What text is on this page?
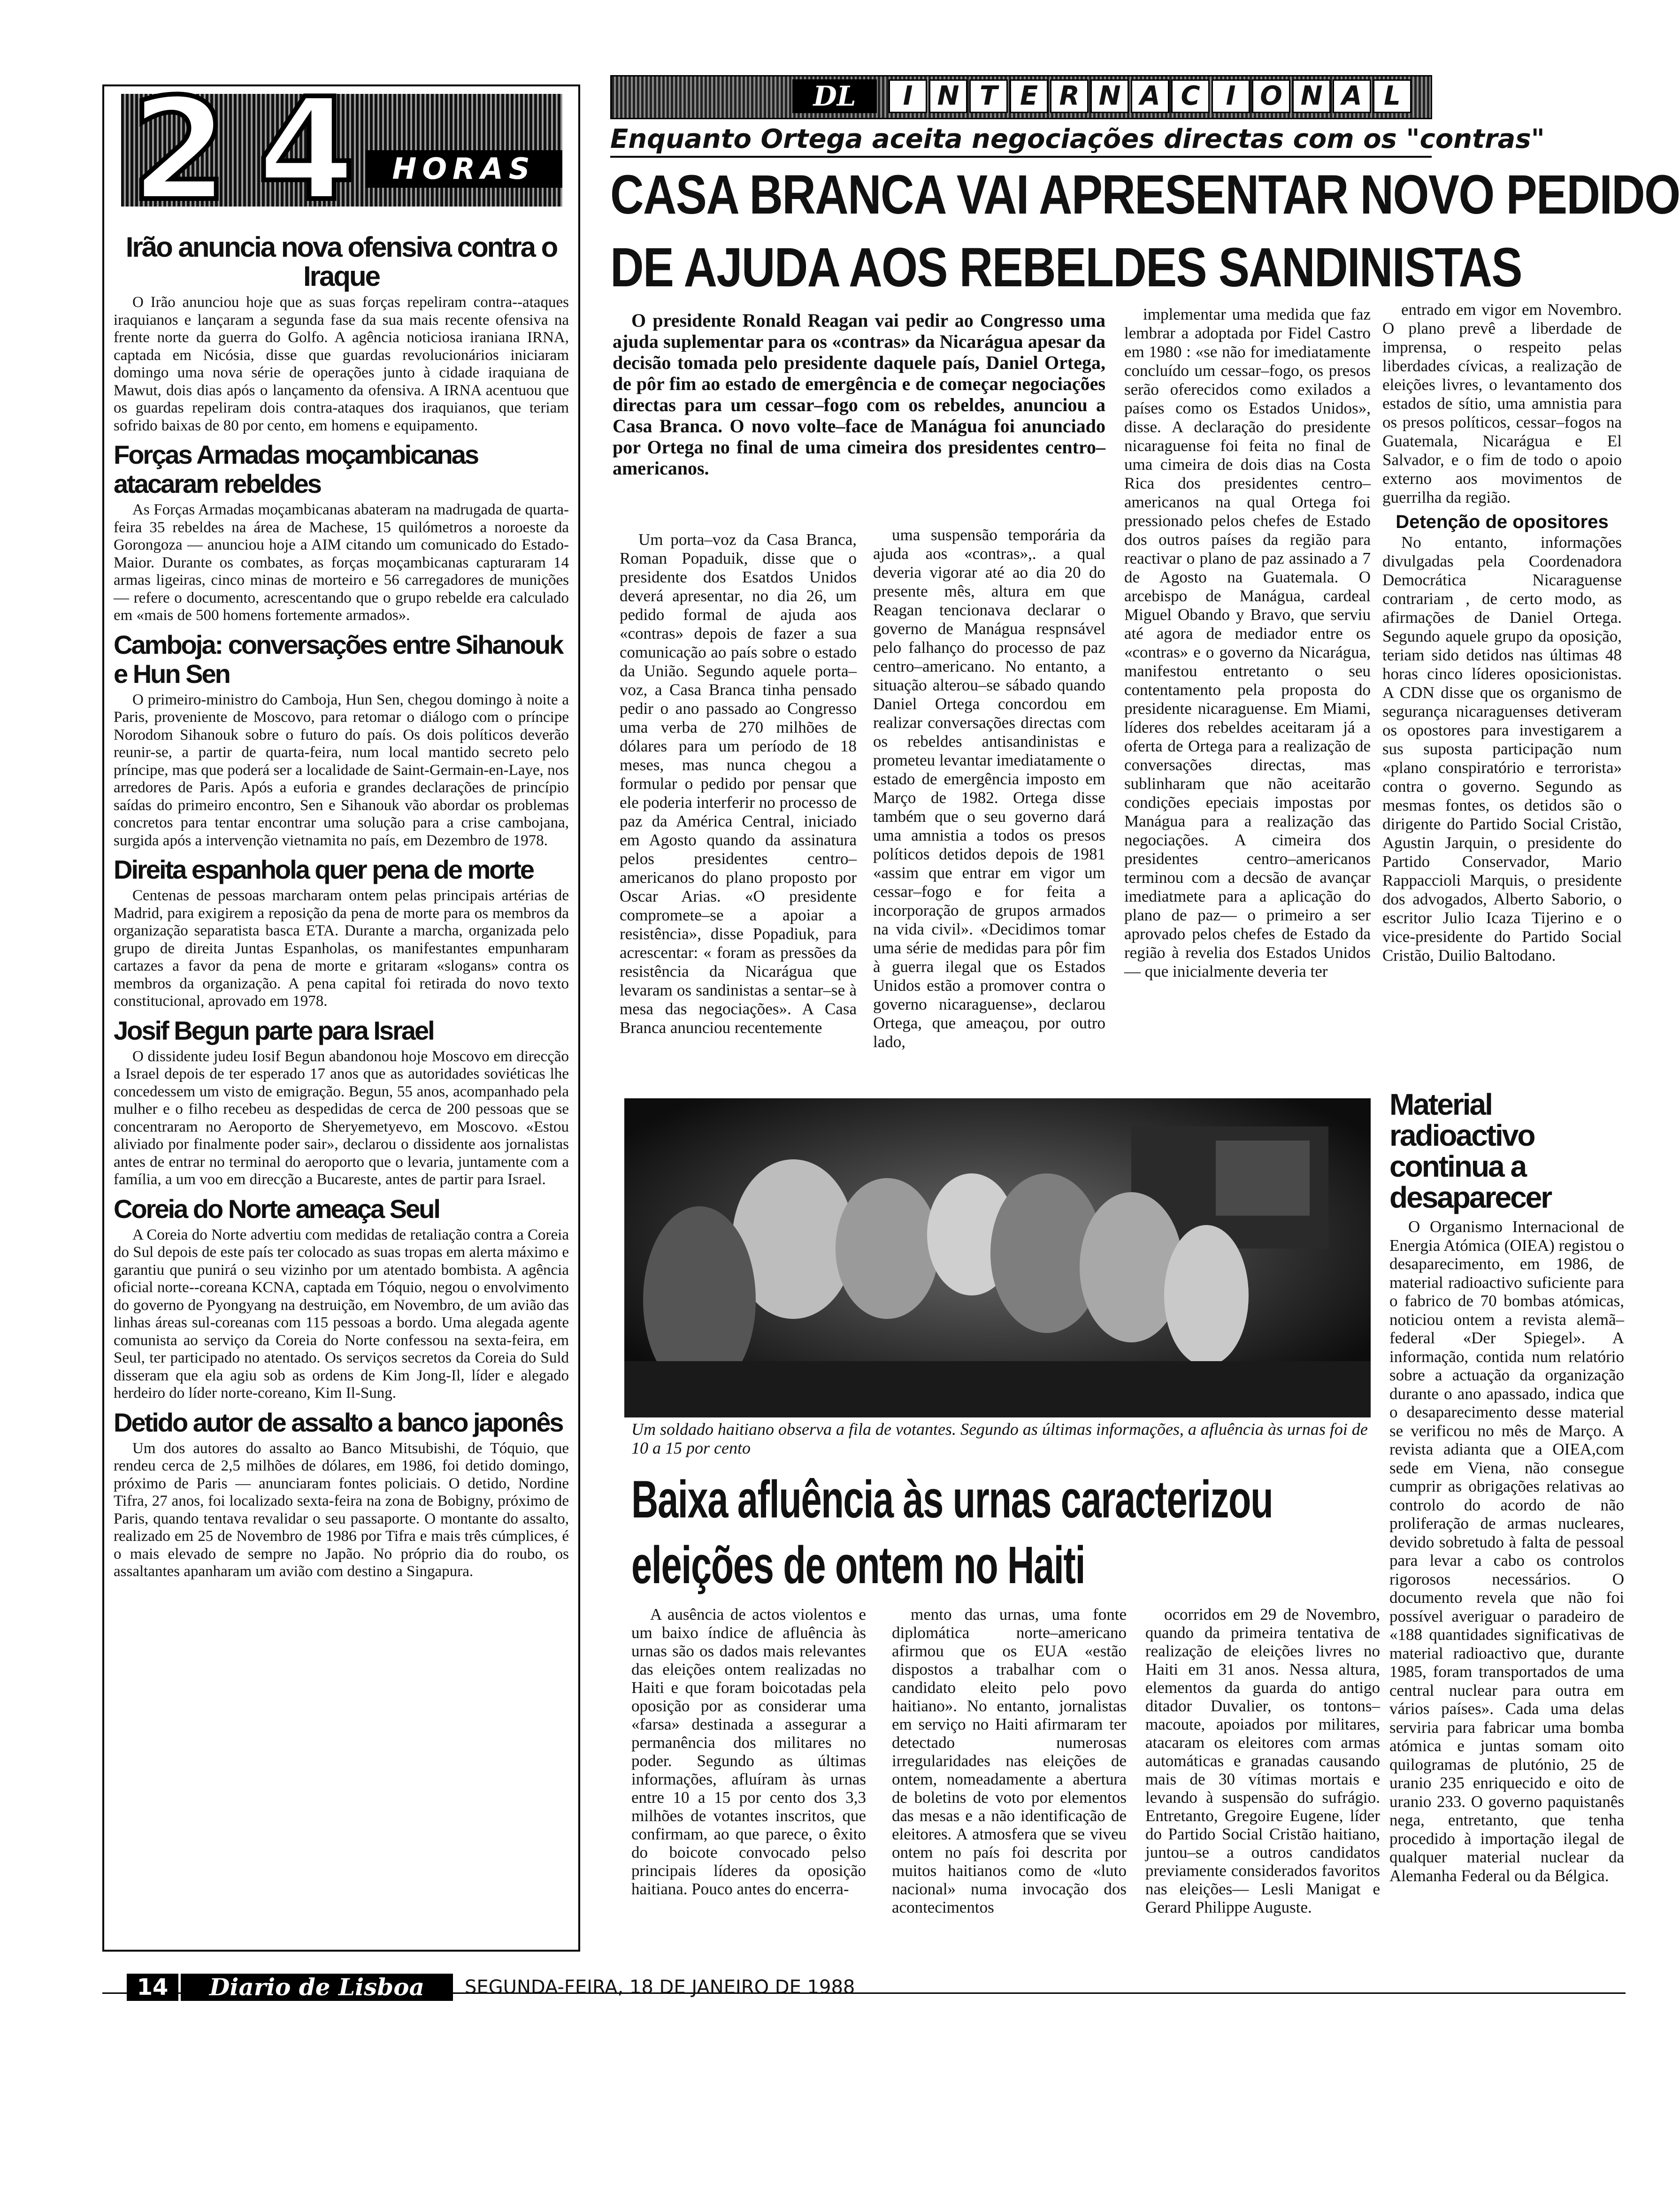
DL	I N T E R N A C I O N A L
2 4	HORAS
Irão anuncia nova ofensiva contra o Iraque

O Irão anunciou hoje que as suas forças repeliram contra--ataques iraquianos e lançaram a segunda fase da sua mais recente ofensiva na frente norte da guerra do Golfo. A agência noticiosa iraniana IRNA, captada em Nicósia, disse que guardas revolucionários iniciaram domingo uma nova série de operações junto à cidade iraquiana de Mawut, dois dias após o lançamento da ofensiva. A IRNA acentuou que os guardas repeliram dois contra-ataques dos iraquianos, que teriam sofrido baixas de 80 por cento, em homens e equipamento.

Forças Armadas moçambicanas atacaram rebeldes

As Forças Armadas moçambicanas abateram na madrugada de quarta-feira 35 rebeldes na área de Machese, 15 quilómetros a noroeste da Gorongoza — anunciou hoje a AIM citando um comunicado do Estado-Maior. Durante os combates, as forças moçambicanas capturaram 14 armas ligeiras, cinco minas de morteiro e 56 carregadores de munições — refere o documento, acrescentando que o grupo rebelde era calculado em «mais de 500 homens fortemente armados».

Camboja: conversações entre Sihanouk e Hun Sen

O primeiro-ministro do Camboja, Hun Sen, chegou domingo à noite a Paris, proveniente de Moscovo, para retomar o diálogo com o príncipe Norodom Sihanouk sobre o futuro do país. Os dois políticos deverão reunir-se, a partir de quarta-feira, num local mantido secreto pelo príncipe, mas que poderá ser a localidade de Saint-Germain-en-Laye, nos arredores de Paris. Após a euforia e grandes declarações de princípio saídas do primeiro encontro, Sen e Sihanouk vão abordar os problemas concretos para tentar encontrar uma solução para a crise cambojana, surgida após a intervenção vietnamita no país, em Dezembro de 1978.

Direita espanhola quer pena de morte

Centenas de pessoas marcharam ontem pelas principais artérias de Madrid, para exigirem a reposição da pena de morte para os membros da organização separatista basca ETA. Durante a marcha, organizada pelo grupo de direita Juntas Espanholas, os manifestantes empunharam cartazes a favor da pena de morte e gritaram «slogans» contra os membros da organização. A pena capital foi retirada do novo texto constitucional, aprovado em 1978.

Josif Begun parte para Israel

O dissidente judeu Iosif Begun abandonou hoje Moscovo em direcção a Israel depois de ter esperado 17 anos que as autoridades soviéticas lhe concedessem um visto de emigração. Begun, 55 anos, acompanhado pela mulher e o filho recebeu as despedidas de cerca de 200 pessoas que se concentraram no Aeroporto de Sheryemetyevo, em Moscovo. «Estou aliviado por finalmente poder sair», declarou o dissidente aos jornalistas antes de entrar no terminal do aeroporto que o levaria, juntamente com a família, a um voo em direcção a Bucareste, antes de partir para Israel.

Coreia do Norte ameaça Seul

A Coreia do Norte advertiu com medidas de retaliação contra a Coreia do Sul depois de este país ter colocado as suas tropas em alerta máximo e garantiu que punirá o seu vizinho por um atentado bombista. A agência oficial norte--coreana KCNA, captada em Tóquio, negou o envolvimento do governo de Pyongyang na destruição, em Novembro, de um avião das linhas áreas sul-coreanas com 115 pessoas a bordo. Uma alegada agente comunista ao serviço da Coreia do Norte confessou na sexta-feira, em Seul, ter participado no atentado. Os serviços secretos da Coreia do Suld disseram que ela agiu sob as ordens de Kim Jong-Il, líder e alegado herdeiro do líder norte-coreano, Kim Il-Sung.

Detido autor de assalto a banco japonês

Um dos autores do assalto ao Banco Mitsubishi, de Tóquio, que rendeu cerca de 2,5 milhões de dólares, em 1986, foi detido domingo, próximo de Paris — anunciaram fontes policiais. O detido, Nordine Tifra, 27 anos, foi localizado sexta-feira na zona de Bobigny, próximo de Paris, quando tentava revalidar o seu passaporte. O montante do assalto, realizado em 25 de Novembro de 1986 por Tifra e mais três cúmplices, é o mais elevado de sempre no Japão. No próprio dia do roubo, os assaltantes apanharam um avião com destino a Singapura.

Enquanto Ortega aceita negociações directas com os "contras"
CASA BRANCA VAI APRESENTAR NOVO PEDIDO
DE AJUDA AOS REBELDES SANDINISTAS

O presidente Ronald Reagan vai pedir ao Congresso uma ajuda suplementar para os «contras» da Nicarágua apesar da decisão tomada pelo presidente daquele país, Daniel Ortega, de pôr fim ao estado de emergência e de começar negociações directas para um cessar–fogo com os rebeldes, anunciou a Casa Branca. O novo volte–face de Manágua foi anunciado por Ortega no final de uma cimeira dos presidentes centro–americanos.

Um porta–voz da Casa Branca, Roman Popaduik, disse que o presidente dos Esatdos Unidos deverá apresentar, no dia 26, um pedido formal de ajuda aos «contras» depois de fazer a sua comunicação ao país sobre o estado da União. Segundo aquele porta–voz, a Casa Branca tinha pensado pedir o ano passado ao Congresso uma verba de 270 milhões de dólares para um período de 18 meses, mas nunca chegou a formular o pedido por pensar que ele poderia interferir no processo de paz da América Central, iniciado em Agosto quando da assinatura pelos presidentes centro–americanos do plano proposto por Oscar Arias. «O presidente compromete–se a apoiar a resistência», disse Popadiuk, para acrescentar: « foram as pressões da resistência da Nicarágua que levaram os sandinistas a sentar–se à mesa das negociações». A Casa Branca anunciou recentemente

uma suspensão temporária da ajuda aos «contras»,. a qual deveria vigorar até ao dia 20 do presente mês, altura em que Reagan tencionava declarar o governo de Manágua respnsável pelo falhanço do processo de paz centro–americano. No entanto, a situação alterou–se sábado quando Daniel Ortega concordou em realizar conversações directas com os rebeldes antisandinistas e prometeu levantar imediatamente o estado de emergência imposto em Março de 1982. Ortega disse também que o seu governo dará uma amnistia a todos os presos políticos detidos depois de 1981 «assim que entrar em vigor um cessar–fogo e for feita a incorporação de grupos armados na vida civil». «Decidimos tomar uma série de medidas para pôr fim à guerra ilegal que os Estados Unidos estão a promover contra o governo nicaraguense», declarou Ortega, que ameaçou, por outro lado,

implementar uma medida que faz lembrar a adoptada por Fidel Castro em 1980 : «se não for imediatamente concluído um cessar–fogo, os presos serão oferecidos como exilados a países como os Estados Unidos», disse. A declaração do presidente nicaraguense foi feita no final de uma cimeira de dois dias na Costa Rica dos presidentes centro–americanos na qual Ortega foi pressionado pelos chefes de Estado dos outros países da região para reactivar o plano de paz assinado a 7 de Agosto na Guatemala. O arcebispo de Manágua, cardeal Miguel Obando y Bravo, que serviu até agora de mediador entre os «contras» e o governo da Nicarágua, manifestou entretanto o seu contentamento pela proposta do presidente nicaraguense. Em Miami, líderes dos rebeldes aceitaram já a oferta de Ortega para a realização de conversações directas, mas sublinharam que não aceitarão condições epeciais impostas por Manágua para a realização das negociações. A cimeira dos presidentes centro–americanos terminou com a decsão de avançar imediatmete para a aplicação do plano de paz— o primeiro a ser aprovado pelos chefes de Estado da região à revelia dos Estados Unidos— que inicialmente deveria ter

entrado em vigor em Novembro. O plano prevê a liberdade de imprensa, o respeito pelas liberdades cívicas, a realização de eleições livres, o levantamento dos estados de sítio, uma amnistia para os presos políticos, cessar–fogos na Guatemala, Nicarágua e El Salvador, e o fim de todo o apoio externo aos movimentos de guerrilha da região.

Detenção de opositores

No entanto, informações divulgadas pela Coordenadora Democrática Nicaraguense contrariam , de certo modo, as afirmações de Daniel Ortega. Segundo aquele grupo da oposição, teriam sido detidos nas últimas 48 horas cinco líderes oposicionistas. A CDN disse que os organismo de segurança nicaraguenses detiveram os opostores para investigarem a sus suposta participação num «plano conspiratório e terrorista» contra o governo. Segundo as mesmas fontes, os detidos são o dirigente do Partido Social Cristão, Agustin Jarquin, o presidente do Partido Conservador, Mario Rappaccioli Marquis, o presidente dos advogados, Alberto Saborio, o escritor Julio Icaza Tijerino e o vice-presidente do Partido Social Cristão, Duilio Baltodano.

Um soldado haitiano observa a fila de votantes. Segundo as últimas informações, a afluência às urnas foi de 10 a 15 por cento
Baixa afluência às urnas caracterizou
eleições de ontem no Haiti

A ausência de actos violentos e um baixo índice de afluência às urnas são os dados mais relevantes das eleições ontem realizadas no Haiti e que foram boicotadas pela oposição por as considerar uma «farsa» destinada a assegurar a permanência dos militares no poder. Segundo as últimas informações, afluíram às urnas entre 10 a 15 por cento dos 3,3 milhões de votantes inscritos, que confirmam, ao que parece, o êxito do boicote convocado pelso principais líderes da oposição haitiana. Pouco antes do encerra-

mento das urnas, uma fonte diplomática norte–americano afirmou que os EUA «estão dispostos a trabalhar com o candidato eleito pelo povo haitiano». No entanto, jornalistas em serviço no Haiti afirmaram ter detectado numerosas irregularidades nas eleições de ontem, nomeadamente a abertura de boletins de voto por elementos das mesas e a não identificação de eleitores. A atmosfera que se viveu ontem no país foi descrita por muitos haitianos como de «luto nacional» numa invocação dos acontecimentos

ocorridos em 29 de Novembro, quando da primeira tentativa de realização de eleições livres no Haiti em 31 anos. Nessa altura, elementos da guarda do antigo ditador Duvalier, os tontons–macoute, apoiados por militares, atacaram os eleitores com armas automáticas e granadas causando mais de 30 vítimas mortais e levando à suspensão do sufrágio. Entretanto, Gregoire Eugene, líder do Partido Social Cristão haitiano, juntou–se a outros candidatos previamente considerados favoritos nas eleições— Lesli Manigat e Gerard Philippe Auguste.

Material radioactivo continua a desaparecer

O Organismo Internacional de Energia Atómica (OIEA) registou o desaparecimento, em 1986, de material radioactivo suficiente para o fabrico de 70 bombas atómicas, noticiou ontem a revista alemã–federal «Der Spiegel». A informação, contida num relatório sobre a actuação da organização durante o ano apassado, indica que o desaparecimento desse material se verificou no mês de Março. A revista adianta que a OIEA,com sede em Viena, não consegue cumprir as obrigações relativas ao controlo do acordo de não proliferação de armas nucleares, devido sobretudo à falta de pessoal para levar a cabo os controlos rigorosos necessários. O documento revela que não foi possível averiguar o paradeiro de «188 quantidades significativas de material radioactivo que, durante 1985, foram transportados de uma central nuclear para outra em vários países». Cada uma delas serviria para fabricar uma bomba atómica e juntas somam oito quilogramas de plutónio, 25 de uranio 235 enriquecido e oito de uranio 233. O governo paquistanês nega, entretanto, que tenha procedido à importação ilegal de qualquer material nuclear da Alemanha Federal ou da Bélgica.

14	Diario de Lisboa	SEGUNDA-FEIRA, 18 DE JANEIRO DE 1988
